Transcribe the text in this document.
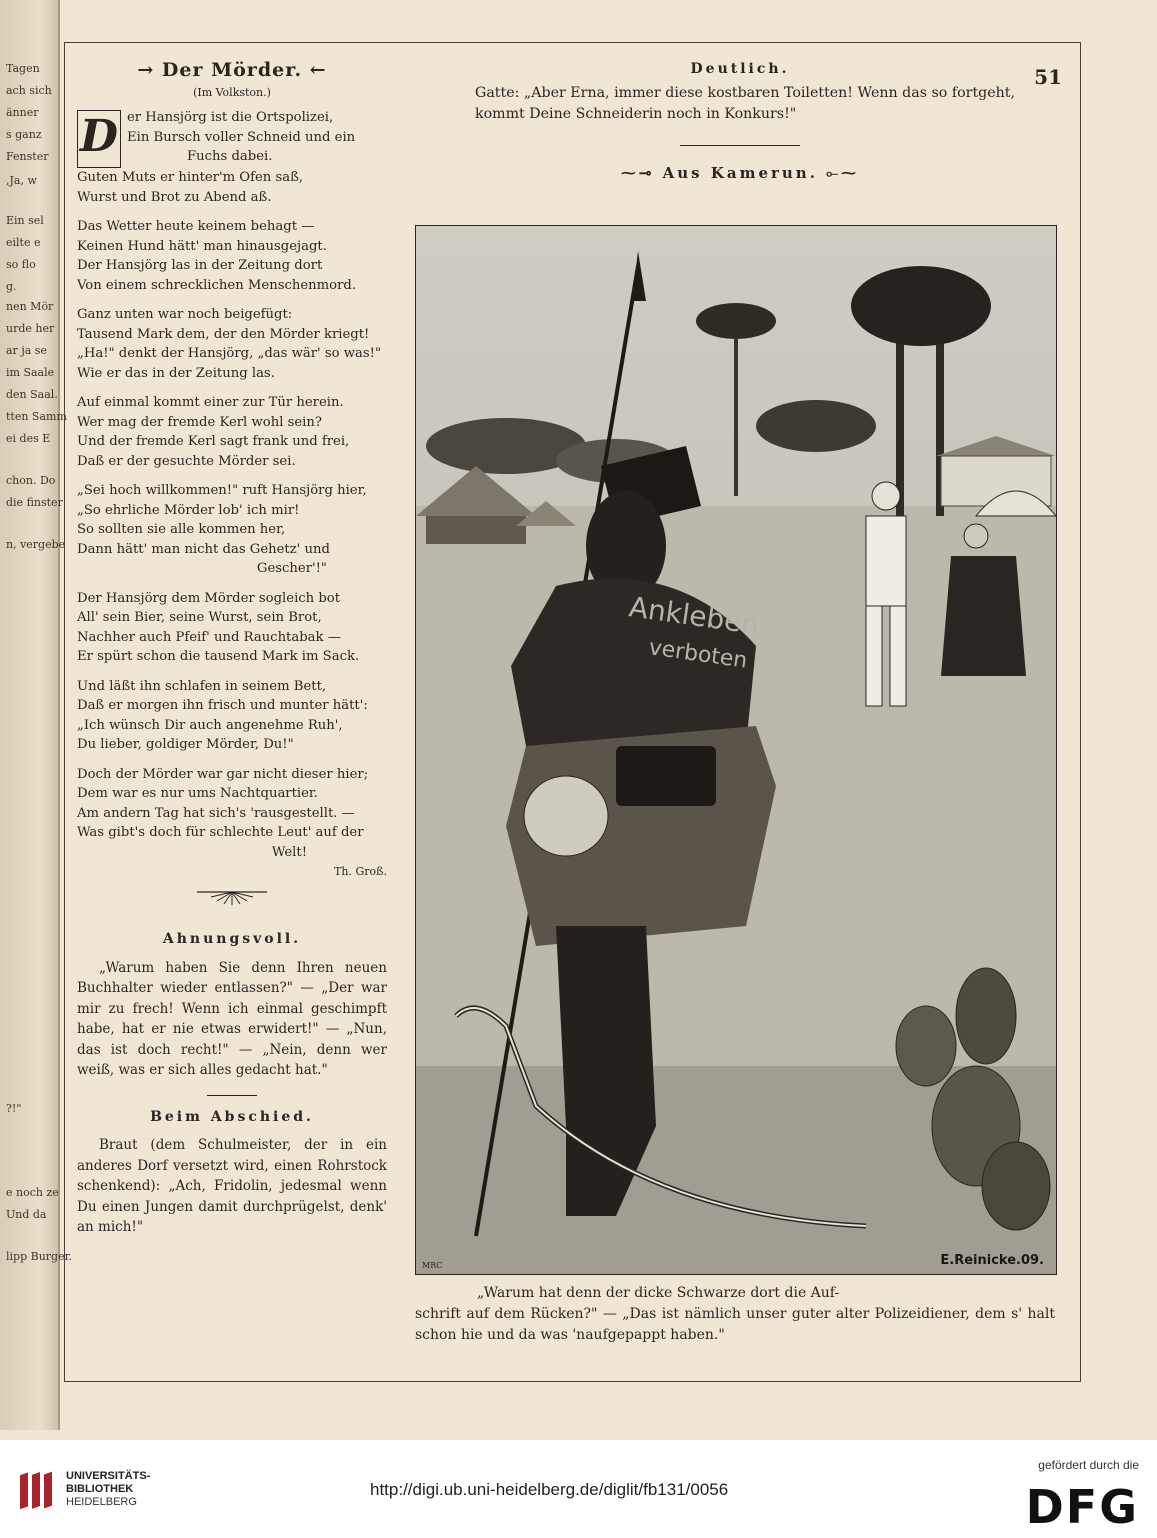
Tagen
ach sich
änner
s ganz
Fenster
,Ja, w
Ein sel
eilte e
so flo
g.
nen Mör
urde her
ar ja se
im Saale
den Saal.
tten Samm
ei des E
chon. Do
die finster
n, vergebe
?!"
e noch ze
Und da
lipp Burger.
51
→ Der Mörder. ←
(Im Volkston.)
D er Hansjörg ist die Ortspolizei,

Ein Bursch voller Schneid und ein

Fuchs dabei.

Guten Muts er hinter'm Ofen saß,

Wurst und Brot zu Abend aß.

Das Wetter heute keinem behagt —

Keinen Hund hätt' man hinausgejagt.

Der Hansjörg las in der Zeitung dort

Von einem schrecklichen Menschenmord.

Ganz unten war noch beigefügt:

Tausend Mark dem, der den Mörder kriegt!

„Ha!" denkt der Hansjörg, „das wär' so was!"

Wie er das in der Zeitung las.

Auf einmal kommt einer zur Tür herein.

Wer mag der fremde Kerl wohl sein?

Und der fremde Kerl sagt frank und frei,

Daß er der gesuchte Mörder sei.

„Sei hoch willkommen!" ruft Hansjörg hier,

„So ehrliche Mörder lob' ich mir!

So sollten sie alle kommen her,

Dann hätt' man nicht das Gehetz' und

Gescher'!"

Der Hansjörg dem Mörder sogleich bot

All' sein Bier, seine Wurst, sein Brot,

Nachher auch Pfeif' und Rauchtabak —

Er spürt schon die tausend Mark im Sack.

Und läßt ihn schlafen in seinem Bett,

Daß er morgen ihn frisch und munter hätt':

„Ich wünsch Dir auch angenehme Ruh',

Du lieber, goldiger Mörder, Du!"

Doch der Mörder war gar nicht dieser hier;

Dem war es nur ums Nachtquartier.

Am andern Tag hat sich's 'rausgestellt. —

Was gibt's doch für schlechte Leut' auf der

Welt!

Th. Groß.
Ahnungsvoll.

„Warum haben Sie denn Ihren neuen Buchhalter wieder entlassen?" — „Der war mir zu frech! Wenn ich einmal geschimpft habe, hat er nie etwas erwidert!" — „Nun, das ist doch recht!" — „Nein, denn wer weiß, was er sich alles gedacht hat."

Beim Abschied.

Braut (dem Schulmeister, der in ein anderes Dorf versetzt wird, einen Rohrstock schenkend): „Ach, Fridolin, jedesmal wenn Du einen Jungen damit durchprügelst, denk' an mich!"

Deutlich.

Gatte: „Aber Erna, immer diese kostbaren Toiletten! Wenn das so fortgeht, kommt Deine Schneiderin noch in Konkurs!"

⁓⊸ Aus Kamerun. ⟜⁓
Ankleben
verboten
E.Reinicke.09.
MRC
„Warum hat denn der dicke Schwarze dort die Auf-
schrift auf dem Rücken?" — „Das ist nämlich unser guter alter Polizeidiener, dem s' halt schon hie und da was 'naufgepappt haben."
UNIVERSITÄTS-
BIBLIOTHEK
HEIDELBERG
http://digi.ub.uni-heidelberg.de/diglit/fb131/0056
gefördert durch die
DFG
